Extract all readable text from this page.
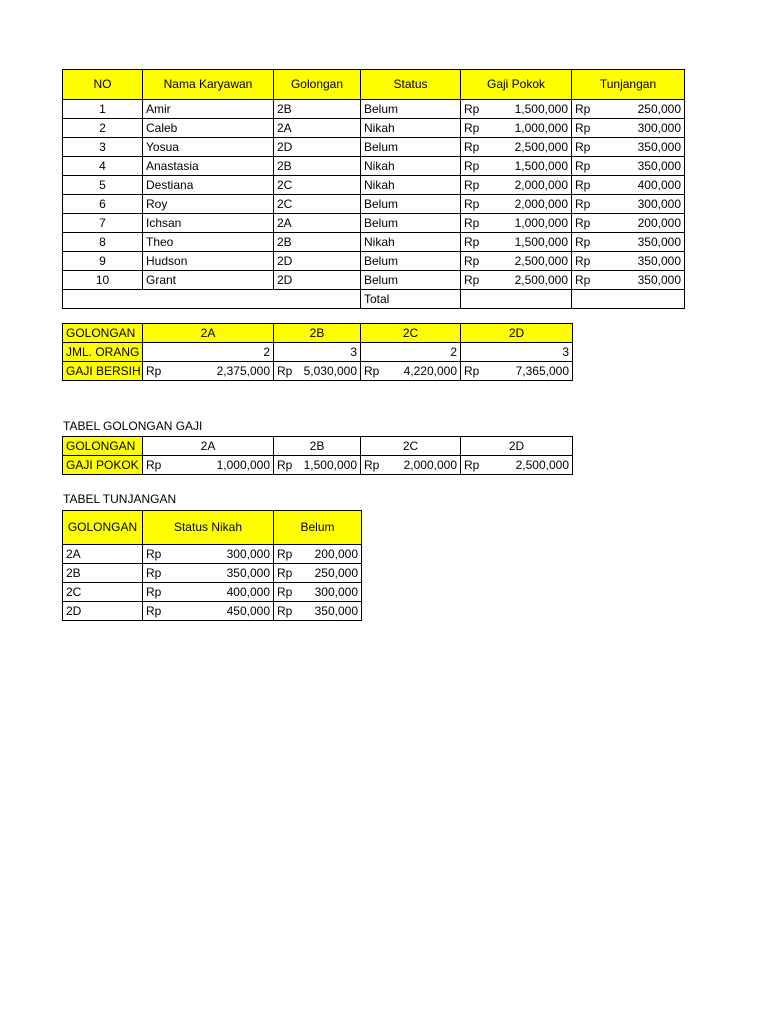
NO	Nama Karyawan	Golongan	Status	Gaji Pokok		Tunjangan	
1	Amir	2B	Belum	Rp	1,500,000	Rp	250,000
2	Caleb	2A	Nikah	Rp	1,000,000	Rp	300,000
3	Yosua	2D	Belum	Rp	2,500,000	Rp	350,000
4	Anastasia	2B	Nikah	Rp	1,500,000	Rp	350,000
5	Destiana	2C	Nikah	Rp	2,000,000	Rp	400,000
6	Roy	2C	Belum	Rp	2,000,000	Rp	300,000
7	Ichsan	2A	Belum	Rp	1,000,000	Rp	200,000
8	Theo	2B	Nikah	Rp	1,500,000	Rp	350,000
9	Hudson	2D	Belum	Rp	2,500,000	Rp	350,000
10	Grant	2D	Belum	Rp	2,500,000	Rp	350,000
			Total				
GOLONGAN	2A	2B	2C	2D
JML. ORANG	2	3	2	3
GAJI BERSIH	Rp 2,375,000	Rp 5,030,000	Rp 4,220,000	Rp 7,365,000
TABEL GOLONGAN GAJI
GOLONGAN	2A	2B	2C	2D
GAJI POKOK	Rp 1,000,000	Rp 1,500,000	Rp 2,000,000	Rp 2,500,000
TABEL TUNJANGAN
GOLONGAN	Status Nikah	Belum
2A	Rp 300,000	Rp 200,000

2B	Rp 350,000	Rp 250,000

2C	Rp 400,000	Rp 300,000

2D	Rp 450,000	Rp 350,000
